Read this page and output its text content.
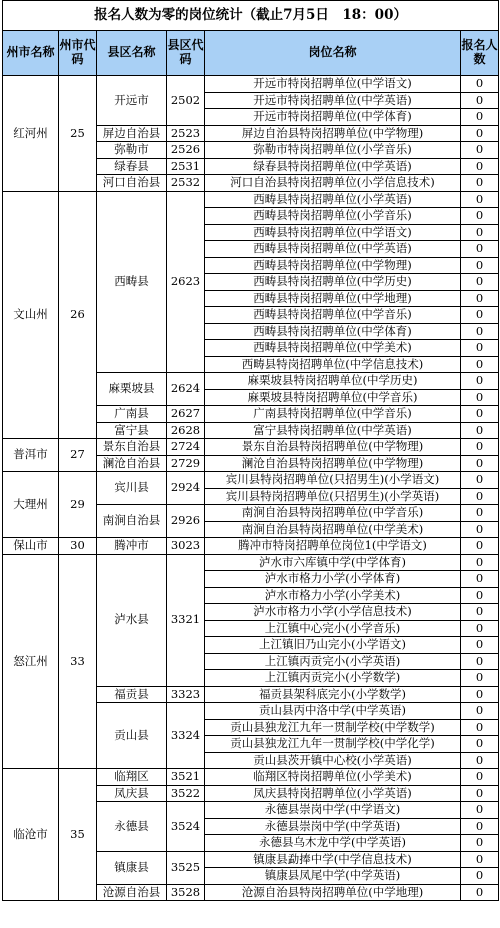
报名人数为零的岗位统计（截止7月5日　18：00）					
州市名称	州市代码	县区名称	县区代码	岗位名称	报名人数
红河州	25	开远市	2502	开远市特岗招聘单位(中学语文)	0
				开远市特岗招聘单位(中学英语)	0
				开远市特岗招聘单位(中学体育)	0
		屏边自治县	2523	屏边自治县特岗招聘单位(中学物理)	0
		弥勒市	2526	弥勒市特岗招聘单位(小学音乐)	0
		绿春县	2531	绿春县特岗招聘单位(中学英语)	0
		河口自治县	2532	河口自治县特岗招聘单位(小学信息技术)	0
文山州	26	西畴县	2623	西畴县特岗招聘单位(小学英语)	0
				西畴县特岗招聘单位(小学音乐)	0
				西畴县特岗招聘单位(中学语文)	0
				西畴县特岗招聘单位(中学英语)	0
				西畴县特岗招聘单位(中学物理)	0
				西畴县特岗招聘单位(中学历史)	0
				西畴县特岗招聘单位(中学地理)	0
				西畴县特岗招聘单位(中学音乐)	0
				西畴县特岗招聘单位(中学体育)	0
				西畴县特岗招聘单位(中学美术)	0
				西畴县特岗招聘单位(中学信息技术)	0
		麻栗坡县	2624	麻栗坡县特岗招聘单位(中学历史)	0
				麻栗坡县特岗招聘单位(中学音乐)	0
		广南县	2627	广南县特岗招聘单位(中学音乐)	0
		富宁县	2628	富宁县特岗招聘单位(中学英语)	0
普洱市	27	景东自治县	2724	景东自治县特岗招聘单位(中学物理)	0
		澜沧自治县	2729	澜沧自治县特岗招聘单位(中学物理)	0
大理州	29	宾川县	2924	宾川县特岗招聘单位(只招男生)(小学语文)	0
				宾川县特岗招聘单位(只招男生)(小学英语)	0
		南涧自治县	2926	南涧自治县特岗招聘单位(中学音乐)	0
				南涧自治县特岗招聘单位(中学美术)	0
保山市	30	腾冲市	3023	腾冲市特岗招聘单位岗位1(中学语文)	0
怒江州	33	泸水县	3321	泸水市六库镇中学(中学体育)	0
				泸水市格力小学(小学体育)	0
				泸水市格力小学(小学美术)	0
				泸水市格力小学(小学信息技术)	0
				上江镇中心完小(小学音乐)	0
				上江镇旧乃山完小(小学语文)	0
				上江镇丙贡完小(小学英语)	0
				上江镇丙贡完小(小学数学)	0
		福贡县	3323	福贡县架科底完小(小学数学)	0
		贡山县	3324	贡山县丙中洛中学(中学英语)	0
				贡山县独龙江九年一贯制学校(中学数学)	0
				贡山县独龙江九年一贯制学校(中学化学)	0
				贡山县茨开镇中心校(小学英语)	0
临沧市	35	临翔区	3521	临翔区特岗招聘单位(小学美术)	0
		凤庆县	3522	凤庆县特岗招聘单位(小学英语)	0
		永德县	3524	永德县崇岗中学(中学语文)	0
				永德县崇岗中学(中学英语)	0
				永德县乌木龙中学(中学英语)	0
		镇康县	3525	镇康县勐捧中学(中学信息技术)	0
				镇康县凤尾中学(中学英语)	0
		沧源自治县	3528	沧源自治县特岗招聘单位(中学地理)	0
